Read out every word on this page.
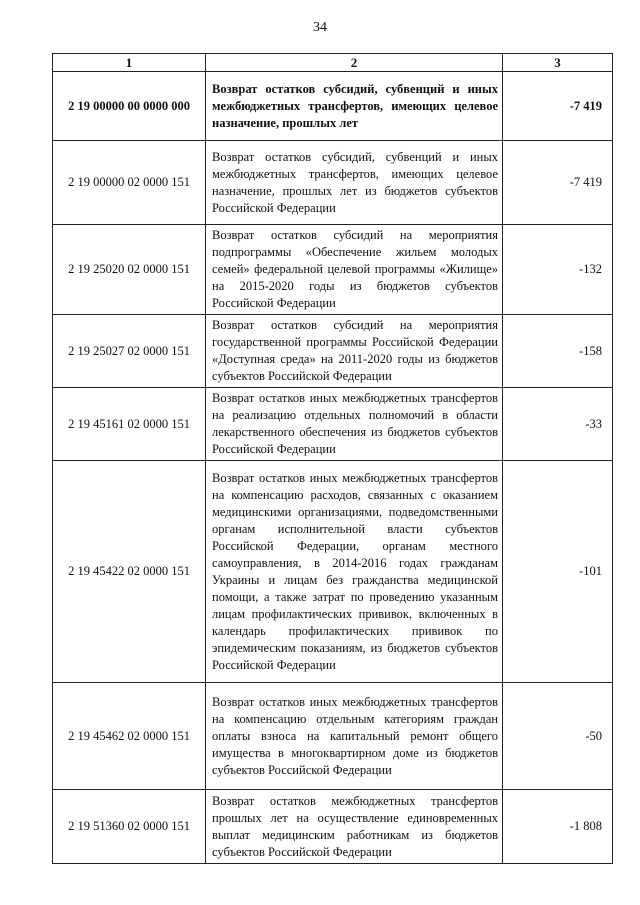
34
1	2	3
2 19 00000 00 0000 000	Возврат остатков субсидий, субвенций и иных межбюджетных трансфертов, имеющих целевое назначение, прошлых лет	-7 419
2 19 00000 02 0000 151	Возврат остатков субсидий, субвенций и иных межбюджетных трансфертов, имеющих целевое назначение, прошлых лет из бюджетов субъектов Российской Федерации	-7 419
2 19 25020 02 0000 151	Возврат остатков субсидий на мероприятия подпрограммы «Обеспечение жильем молодых семей» федеральной целевой программы «Жилище» на 2015-2020 годы из бюджетов субъектов Российской Федерации	-132
2 19 25027 02 0000 151	Возврат остатков субсидий на мероприятия государственной программы Российской Федерации «Доступная среда» на 2011-2020 годы из бюджетов субъектов Российской Федерации	-158
2 19 45161 02 0000 151	Возврат остатков иных межбюджетных трансфертов на реализацию отдельных полномочий в области лекарственного обеспечения из бюджетов субъектов Российской Федерации	-33
2 19 45422 02 0000 151	Возврат остатков иных межбюджетных трансфертов на компенсацию расходов, связанных с оказанием медицинскими организациями, подведомственными органам исполнительной власти субъектов Российской Федерации, органам местного самоуправления, в 2014-2016 годах гражданам Украины и лицам без гражданства медицинской помощи, а также затрат по проведению указанным лицам профилактических прививок, включенных в календарь профилактических прививок по эпидемическим показаниям, из бюджетов субъектов Российской Федерации	-101
2 19 45462 02 0000 151	Возврат остатков иных межбюджетных трансфертов на компенсацию отдельным категориям граждан оплаты взноса на капитальный ремонт общего имущества в многоквартирном доме из бюджетов субъектов Российской Федерации	-50
2 19 51360 02 0000 151	Возврат остатков межбюджетных трансфертов прошлых лет на осуществление единовременных выплат медицинским работникам из бюджетов субъектов Российской Федерации	-1 808
